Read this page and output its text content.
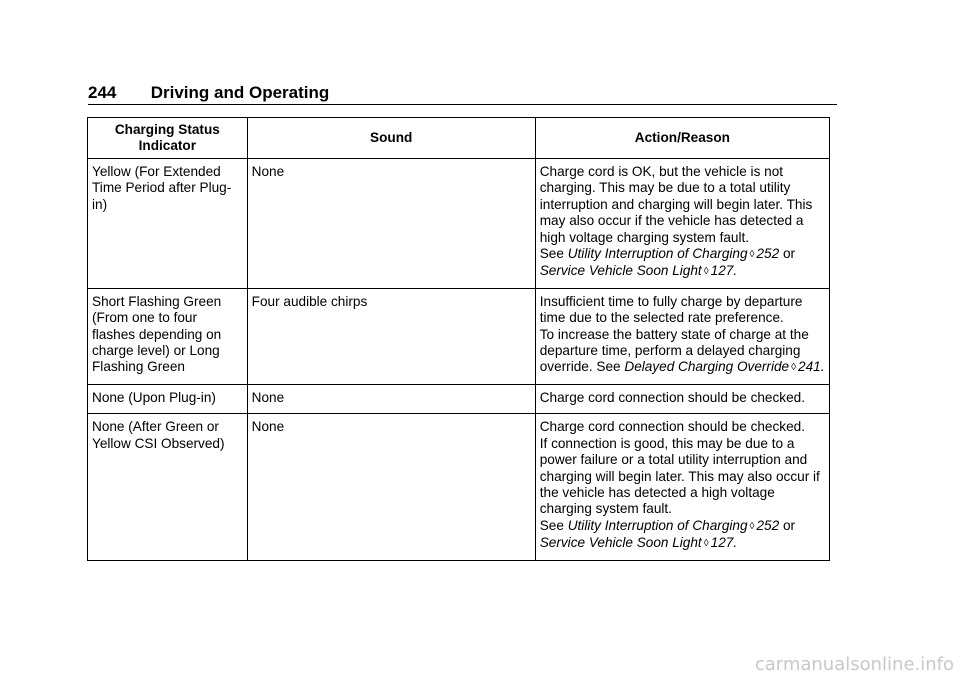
244 Driving and Operating
Charging Status Indicator	Sound	Action/Reason
Yellow (For Extended Time Period after Plug-in)	None	Charge cord is OK, but the vehicle is not charging. This may be due to a total utility interruption and charging will begin later. This may also occur if the vehicle has detected a high voltage charging system fault.
See Utility Interruption of Charging ◊ 252 or
Service Vehicle Soon Light ◊ 127.

Short Flashing Green (From one to four flashes depending on charge level) or Long Flashing Green	Four audible chirps	Insufficient time to fully charge by departure time due to the selected rate preference.
To increase the battery state of charge at the departure time, perform a delayed charging override. See Delayed Charging Override ◊ 241.

None (Upon Plug-in)	None	Charge cord connection should be checked.
None (After Green or Yellow CSI Observed)	None	Charge cord connection should be checked.
If connection is good, this may be due to a power failure or a total utility interruption and charging will begin later. This may also occur if the vehicle has detected a high voltage charging system fault.
See Utility Interruption of Charging ◊ 252 or
Service Vehicle Soon Light ◊ 127.
carmanualsonline.info
